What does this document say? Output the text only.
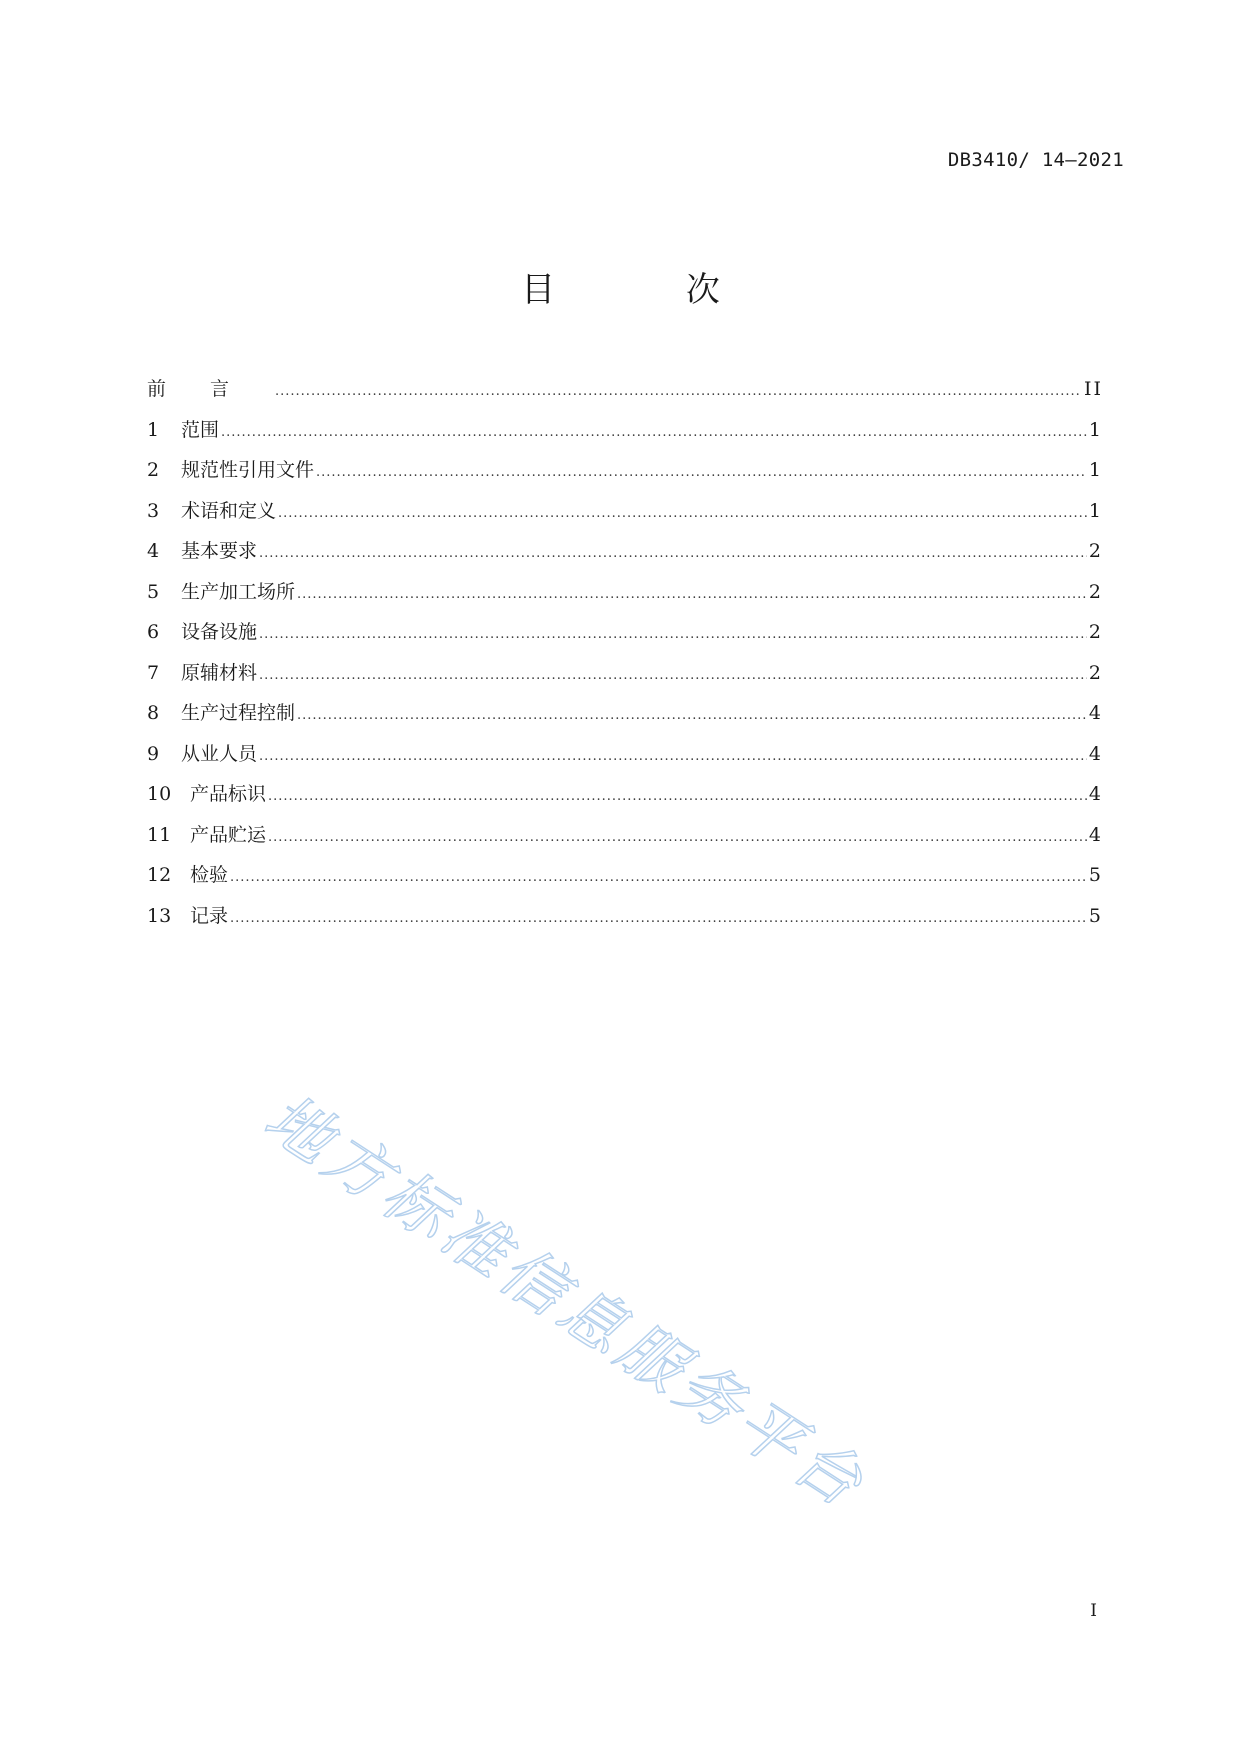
DB3410/ 14—2021
目 次
前言 .....	II
1	范围 .....	1
2	规范性引用文件 .....	1
3	术语和定义 .....	1
4	基本要求 .....	2
5	生产加工场所 .....	2
6	设备设施 .....	2
7	原辅材料 .....	2
8	生产过程控制 .....	4
9	从业人员 .....	4
10 产品标识 .....	4
11 产品贮运 .....	4
12 检验 .....	5
13 记录 .....	5
地方标准信息服务平台
I
